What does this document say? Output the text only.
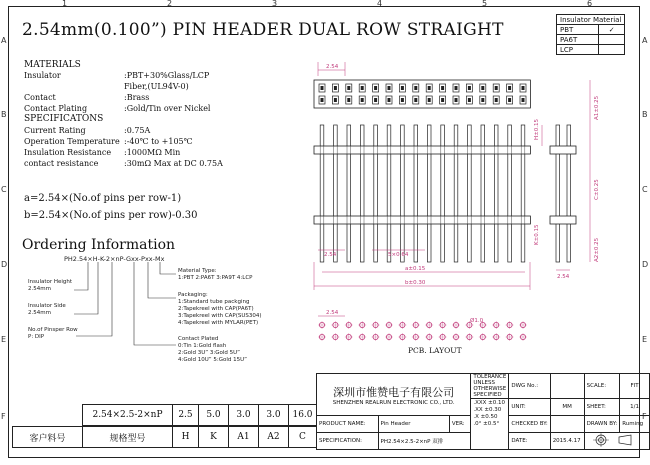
1	2	3	4	5	6
A
B
C
D
E
F
A
B
C
D
E
F
2.54mm(0.100”) PIN HEADER DUAL ROW STRAIGHT
Insulator Material	
PBT	✓
PA6T	
LCP	
MATERIALS
Insulator	:PBT+30%Glass/LCP
Fiber,(UL94V-0)
Contact	:Brass
Contact Plating	:Gold/Tin over Nickel
SPECIFICATONS
Current Rating	:0.75A
Operation Temperature :-40℃ to +105℃
Insulation Resistance :1000MΩ Min
contact resistance	:30mΩ Max at DC 0.75A
a=2.54×(No.of pins per row-1)
b=2.54×(No.of pins per row)-0.30
Ordering Information
PH2.54×H-K-2×nP-Gxx-Pxx-Mx
Insulator Height
2.54mm
Insulator Side
2.54mm
No.of Pinsper Row
P: DIP
Material Type:
1:PBT 2:PA6T 3:PA9T 4:LCP
Packaging:
1:Standard tube packging
2:Tapekreel with CAP(PA6T)
3:Tapekreel with CAP(SUS304)
4:Tapekreel with MYLAR(PET)
Contact Plated
0:Tin 1:Gold flash
2:Gold 3U” 3:Gold 5U”
4:Gold 10U” 5:Gold 15U”
2.54
2.54	5×0.64
a±0.15
b±0.30
H±0.15
K±0.15
A1±0.25
C±0.25
A2±0.25
2.54
2.54
Ø1.0
PCB. LAYOUT
2.54×2.5-2×nP	2.5	5.0	3.0	3.0	16.0

客户料号	规格型号	H	K	A1	A2	C
深圳市惟赞电子有限公司
SHENZHEN REALRUN ELECTRONIC CO., LTD.			TOLERANCE UNLESS OTHERWISE SPECIFIED	DWG No.:		SCALE:	FIT

			.XXX ±0.10
.XX ±0.30
.X ±0.50
.0° ±0.5°	UNIT:	MM	SHEET:	1/1
PRODUCT NAME:	Pin Header	VER:		CHECKED BY:		DRAWN BY:	Ruming
SPECIFICATION:	PH2.54×2.5-2×nP 双排			DATE:	2015.4.17	
